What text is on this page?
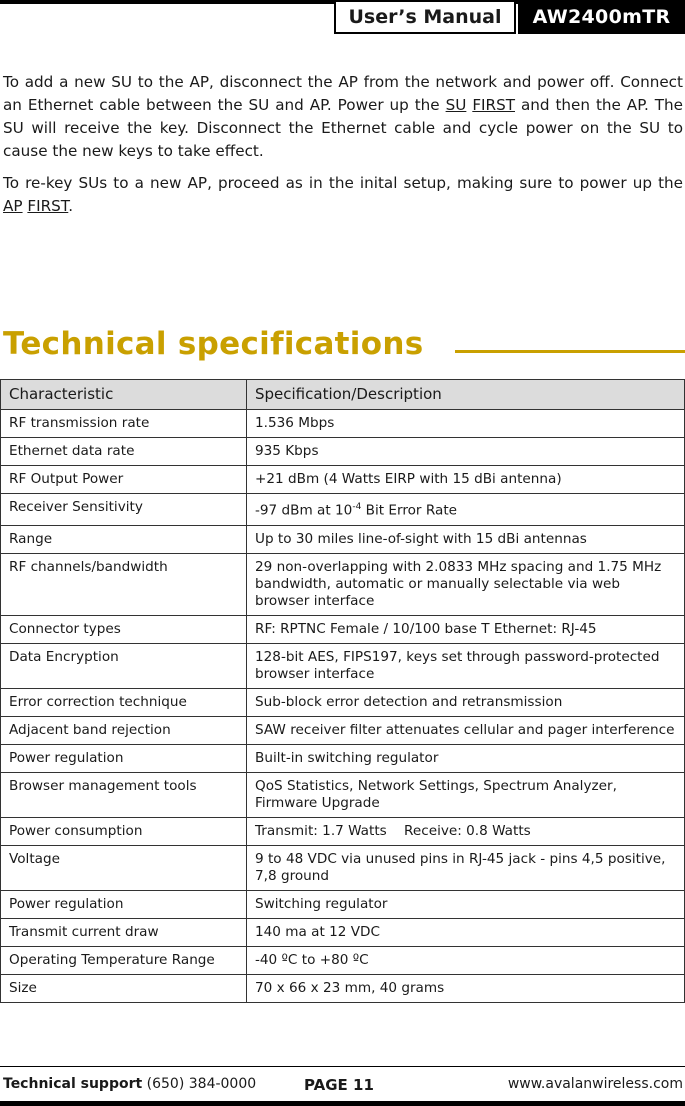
User’s Manual	AW2400mTR

To add a new SU to the AP, disconnect the AP from the network and power off. Connect an Ethernet cable between the SU and AP. Power up the SU FIRST and then the AP. The SU will receive the key. Disconnect the Ethernet cable and cycle power on the SU to cause the new keys to take effect.

To re-key SUs to a new AP, proceed as in the inital setup, making sure to power up the AP FIRST.

Technical specifications
Characteristic	Specification/Description
RF transmission rate	1.536 Mbps
Ethernet data rate	935 Kbps
RF Output Power	+21 dBm (4 Watts EIRP with 15 dBi antenna)
Receiver Sensitivity	-97 dBm at $10^{-4}$ Bit Error Rate
Range	Up to 30 miles line-of-sight with 15 dBi antennas
RF channels/bandwidth	29 non-overlapping with 2.0833 MHz spacing and 1.75 MHz bandwidth, automatic or manually selectable via web browser interface
Connector types	RF: RPTNC Female / 10/100 base T Ethernet: RJ-45
Data Encryption	128-bit AES, FIPS197, keys set through password-protected browser interface
Error correction technique	Sub-block error detection and retransmission
Adjacent band rejection	SAW receiver filter attenuates cellular and pager interference
Power regulation	Built-in switching regulator
Browser management tools	QoS Statistics, Network Settings, Spectrum Analyzer, Firmware Upgrade
Power consumption	Transmit: 1.7 Watts    Receive: 0.8 Watts
Voltage	9 to 48 VDC via unused pins in RJ-45 jack - pins 4,5 positive, 7,8 ground
Power regulation	Switching regulator
Transmit current draw	140 ma at 12 VDC
Operating Temperature Range	-40 ºC to +80 ºC
Size	70 x 66 x 23 mm, 40 grams
Technical support (650) 384-0000	PAGE 11	www.avalanwireless.com
